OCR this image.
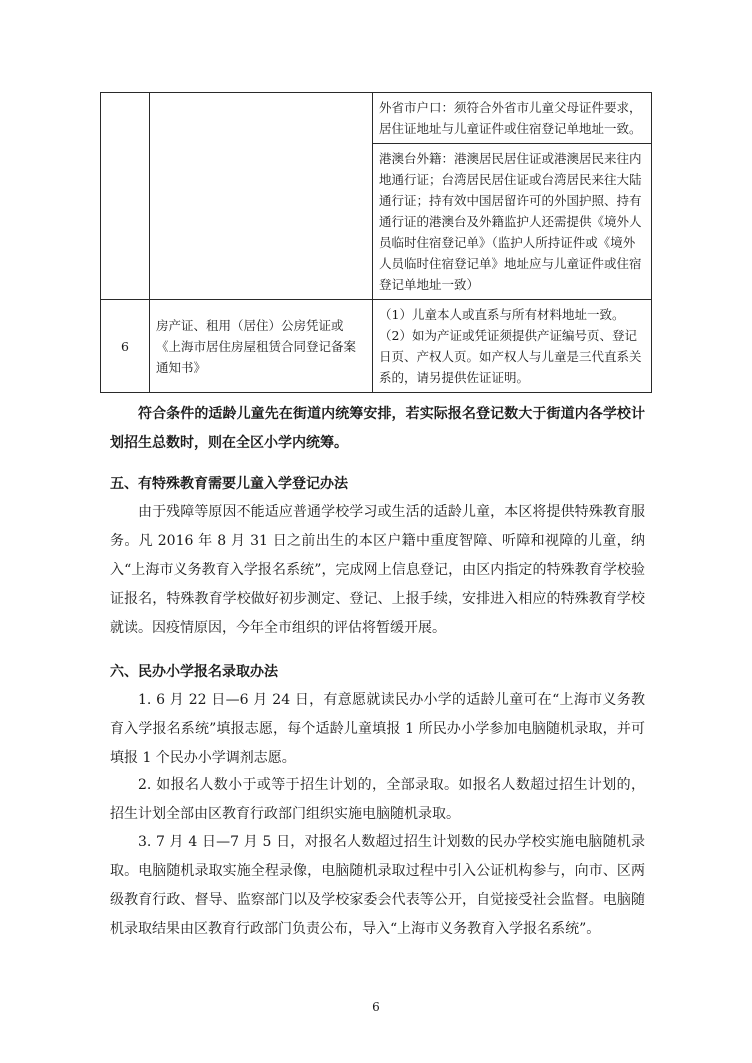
		外省市户口：须符合外省市儿童父母证件要求，居住证地址与儿童证件或住宿登记单地址一致。
		港澳台外籍：港澳居民居住证或港澳居民来往内地通行证；台湾居民居住证或台湾居民来往大陆通行证；持有效中国居留许可的外国护照、持有通行证的港澳台及外籍监护人还需提供《境外人员临时住宿登记单》（监护人所持证件或《境外人员临时住宿登记单》地址应与儿童证件或住宿登记单地址一致）
6	房产证、租用（居住）公房凭证或《上海市居住房屋租赁合同登记备案通知书》	（1）儿童本人或直系与所有材料地址一致。
（2）如为产证或凭证须提供产证编号页、登记日页、产权人页。如产权人与儿童是三代直系关系的，请另提供佐证证明。

符合条件的适龄儿童先在街道内统筹安排，若实际报名登记数大于街道内各学校计划招生总数时，则在全区小学内统筹。

五、有特殊教育需要儿童入学登记办法

由于残障等原因不能适应普通学校学习或生活的适龄儿童，本区将提供特殊教育服务。凡 2016 年 8 月 31 日之前出生的本区户籍中重度智障、听障和视障的儿童，纳入“上海市义务教育入学报名系统”，完成网上信息登记，由区内指定的特殊教育学校验证报名，特殊教育学校做好初步测定、登记、上报手续，安排进入相应的特殊教育学校就读。因疫情原因，今年全市组织的评估将暂缓开展。

六、民办小学报名录取办法

1. 6 月 22 日—6 月 24 日，有意愿就读民办小学的适龄儿童可在“上海市义务教育入学报名系统”填报志愿，每个适龄儿童填报 1 所民办小学参加电脑随机录取，并可填报 1 个民办小学调剂志愿。

2. 如报名人数小于或等于招生计划的，全部录取。如报名人数超过招生计划的，招生计划全部由区教育行政部门组织实施电脑随机录取。

3. 7 月 4 日—7 月 5 日，对报名人数超过招生计划数的民办学校实施电脑随机录取。电脑随机录取实施全程录像，电脑随机录取过程中引入公证机构参与，向市、区两级教育行政、督导、监察部门以及学校家委会代表等公开，自觉接受社会监督。电脑随机录取结果由区教育行政部门负责公布，导入“上海市义务教育入学报名系统”。

6
